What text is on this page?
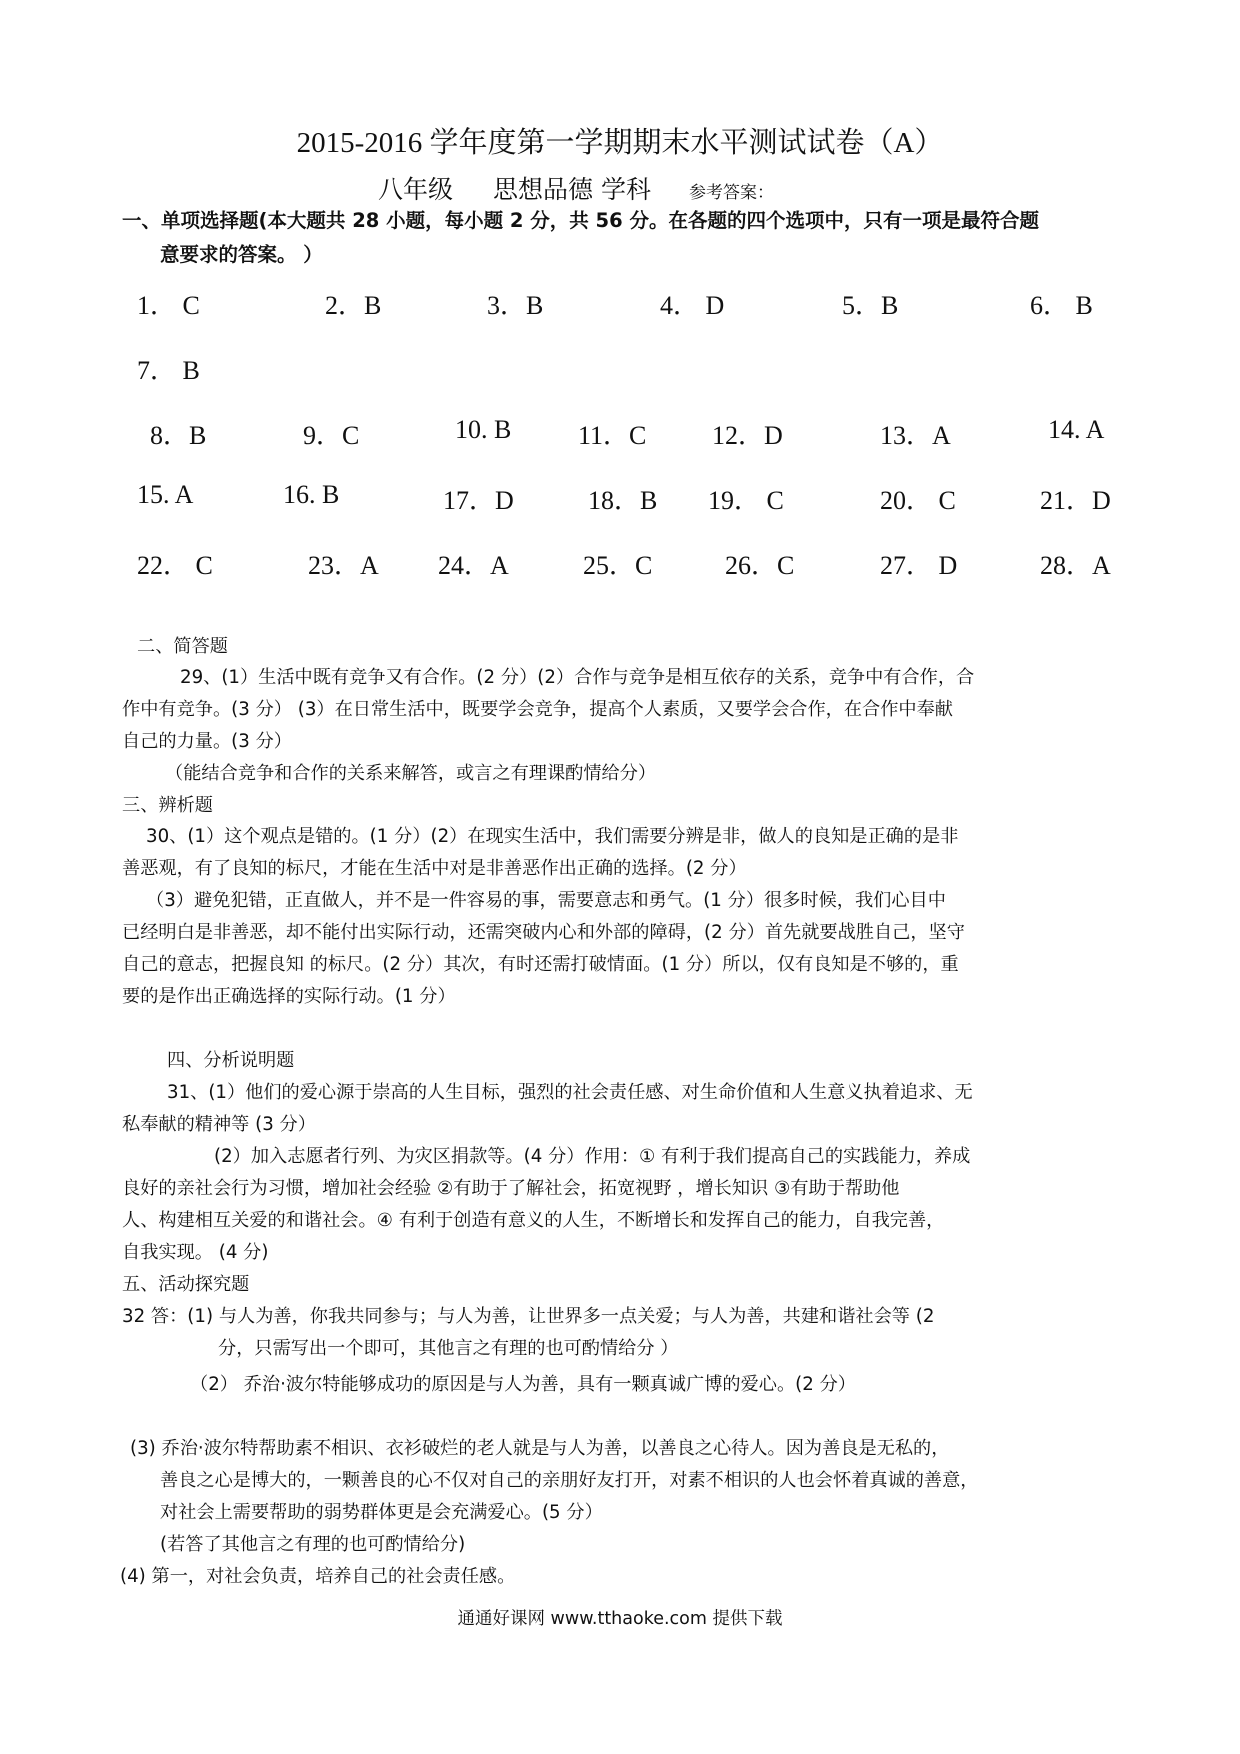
2015-2016 学年度第一学期期末水平测试试卷（A）
八年级 思想品德 学科 参考答案：
一、单项选择题(本大题共 28 小题，每小题 2 分，共 56 分。在各题的四个选项中，只有一项是最符合题
意要求的答案。 ）
1． C	2．B	3．B	4． D	5．B	6． B
7． B
8．B	9．C	10. B	11．C	12．D	13．A	14. A
15. A	16. B	17．D	18．B 19． C	20． C	21．D
22． C	23．A 24．A	25．C	26．C	27． D	28．A
二、简答题
29、(1）生活中既有竞争又有合作。(2 分）(2）合作与竞争是相互依存的关系，竞争中有合作，合
作中有竞争。(3 分） (3）在日常生活中，既要学会竞争，提高个人素质，又要学会合作，在合作中奉献
自己的力量。(3 分）
（能结合竞争和合作的关系来解答，或言之有理课酌情给分）
三、辨析题
30、(1）这个观点是错的。(1 分）(2）在现实生活中，我们需要分辨是非，做人的良知是正确的是非
善恶观，有了良知的标尺，才能在生活中对是非善恶作出正确的选择。(2 分）
（3）避免犯错，正直做人，并不是一件容易的事，需要意志和勇气。(1 分）很多时候，我们心目中
已经明白是非善恶，却不能付出实际行动，还需突破内心和外部的障碍，(2 分）首先就要战胜自己，坚守
自己的意志，把握良知 的标尺。(2 分）其次，有时还需打破情面。(1 分）所以，仅有良知是不够的，重
要的是作出正确选择的实际行动。(1 分）
四、分析说明题
31、(1）他们的爱心源于崇高的人生目标，强烈的社会责任感、对生命价值和人生意义执着追求、无
私奉献的精神等 (3 分）
(2）加入志愿者行列、为灾区捐款等。(4 分）作用：① 有利于我们提高自己的实践能力，养成
良好的亲社会行为习惯，增加社会经验 ②有助于了解社会，拓宽视野 ，增长知识 ③有助于帮助他
人、构建相互关爱的和谐社会。④ 有利于创造有意义的人生，不断增长和发挥自己的能力，自我完善，
自我实现。 (4 分)
五、活动探究题
32 答：(1) 与人为善，你我共同参与；与人为善，让世界多一点关爱；与人为善，共建和谐社会等 (2
分，只需写出一个即可，其他言之有理的也可酌情给分 ）
（2） 乔治·波尔特能够成功的原因是与人为善，具有一颗真诚广博的爱心。(2 分）
(3) 乔治·波尔特帮助素不相识、衣衫破烂的老人就是与人为善，以善良之心待人。因为善良是无私的，
善良之心是博大的，一颗善良的心不仅对自己的亲朋好友打开，对素不相识的人也会怀着真诚的善意，
对社会上需要帮助的弱势群体更是会充满爱心。(5 分）
(若答了其他言之有理的也可酌情给分)
(4) 第一，对社会负责，培养自己的社会责任感。
通通好课网 www.tthaoke.com 提供下载
